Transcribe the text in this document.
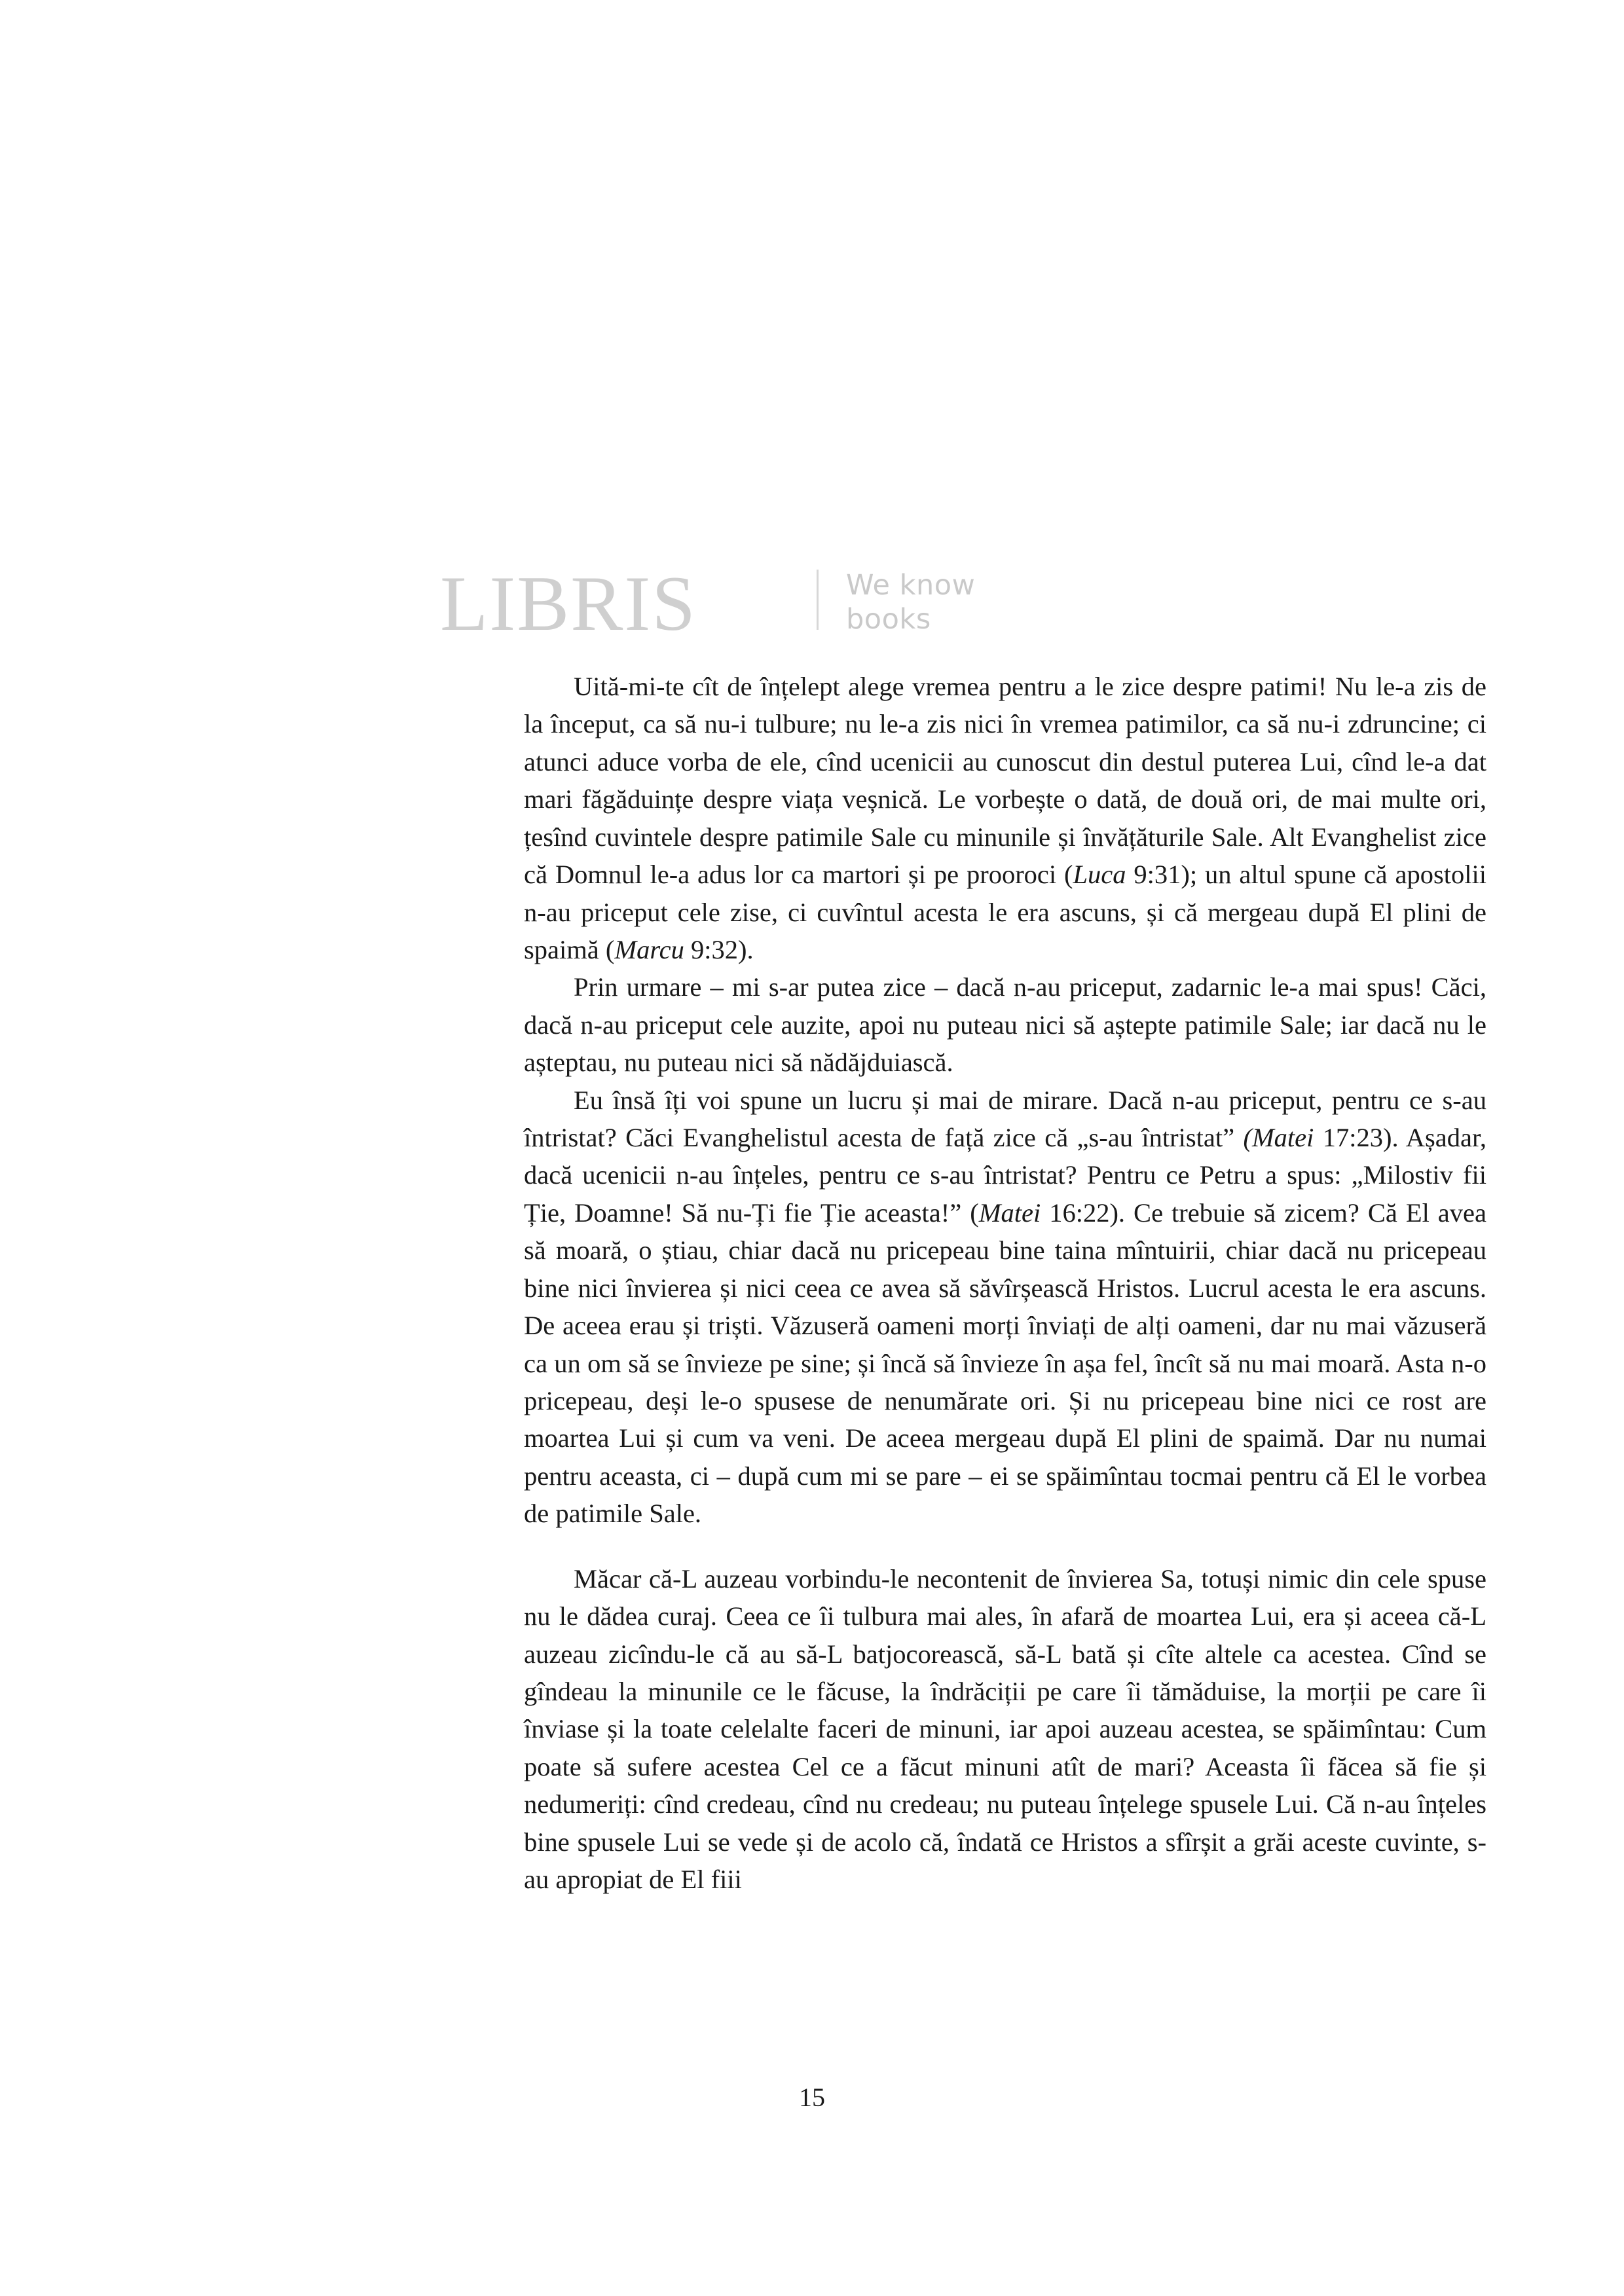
LIBRIS	We know
books

Uită-mi-te cît de înțelept alege vremea pentru a le zice despre patimi! Nu le-a zis de la început, ca să nu-i tulbure; nu le-a zis nici în vremea patimilor, ca să nu-i zdruncine; ci atunci aduce vorba de ele, cînd ucenicii au cunoscut din destul puterea Lui, cînd le-a dat mari făgăduințe despre viața veșnică. Le vorbește o dată, de două ori, de mai multe ori, țesînd cuvintele despre patimile Sale cu minunile și învățăturile Sale. Alt Evanghelist zice că Domnul le-a adus lor ca martori și pe prooroci (Luca 9:31); un altul spune că apostolii n-au priceput cele zise, ci cuvîntul acesta le era ascuns, și că mergeau după El plini de spaimă (Marcu 9:32).

Prin urmare – mi s-ar putea zice – dacă n-au priceput, zadarnic le-a mai spus! Căci, dacă n-au priceput cele auzite, apoi nu puteau nici să aștepte patimile Sale; iar dacă nu le așteptau, nu puteau nici să nădăjduiască.

Eu însă îți voi spune un lucru și mai de mirare. Dacă n-au priceput, pentru ce s-au întristat? Căci Evanghelistul acesta de față zice că „s-au întristat” (Matei 17:23). Așadar, dacă ucenicii n-au înțeles, pentru ce s-au întristat? Pentru ce Petru a spus: „Milostiv fii Ție, Doamne! Să nu-Ți fie Ție aceasta!” (Matei 16:22). Ce trebuie să zicem? Că El avea să moară, o știau, chiar dacă nu pricepeau bine taina mîntuirii, chiar dacă nu pricepeau bine nici învierea și nici ceea ce avea să săvîrșească Hristos. Lucrul acesta le era ascuns. De aceea erau și triști. Văzuseră oameni morți înviați de alți oameni, dar nu mai văzuseră ca un om să se învieze pe sine; și încă să învieze în așa fel, încît să nu mai moară. Asta n-o pricepeau, deși le-o spusese de nenumărate ori. Și nu pricepeau bine nici ce rost are moartea Lui și cum va veni. De aceea mergeau după El plini de spaimă. Dar nu numai pentru aceasta, ci – după cum mi se pare – ei se spăimîntau tocmai pentru că El le vorbea de patimile Sale.

Măcar că-L auzeau vorbindu-le necontenit de învierea Sa, totuși nimic din cele spuse nu le dădea curaj. Ceea ce îi tulbura mai ales, în afară de moartea Lui, era și aceea că-L auzeau zicîndu-le că au să-L batjocorească, să-L bată și cîte altele ca acestea. Cînd se gîndeau la minunile ce le făcuse, la îndrăciții pe care îi tămăduise, la morții pe care îi înviase și la toate celelalte faceri de minuni, iar apoi auzeau acestea, se spăimîntau: Cum poate să sufere acestea Cel ce a făcut minuni atît de mari? Aceasta îi făcea să fie și nedumeriți: cînd credeau, cînd nu credeau; nu puteau înțelege spusele Lui. Că n-au înțeles bine spusele Lui se vede și de acolo că, îndată ce Hristos a sfîrșit a grăi aceste cuvinte, s-au apropiat de El fiii

15
